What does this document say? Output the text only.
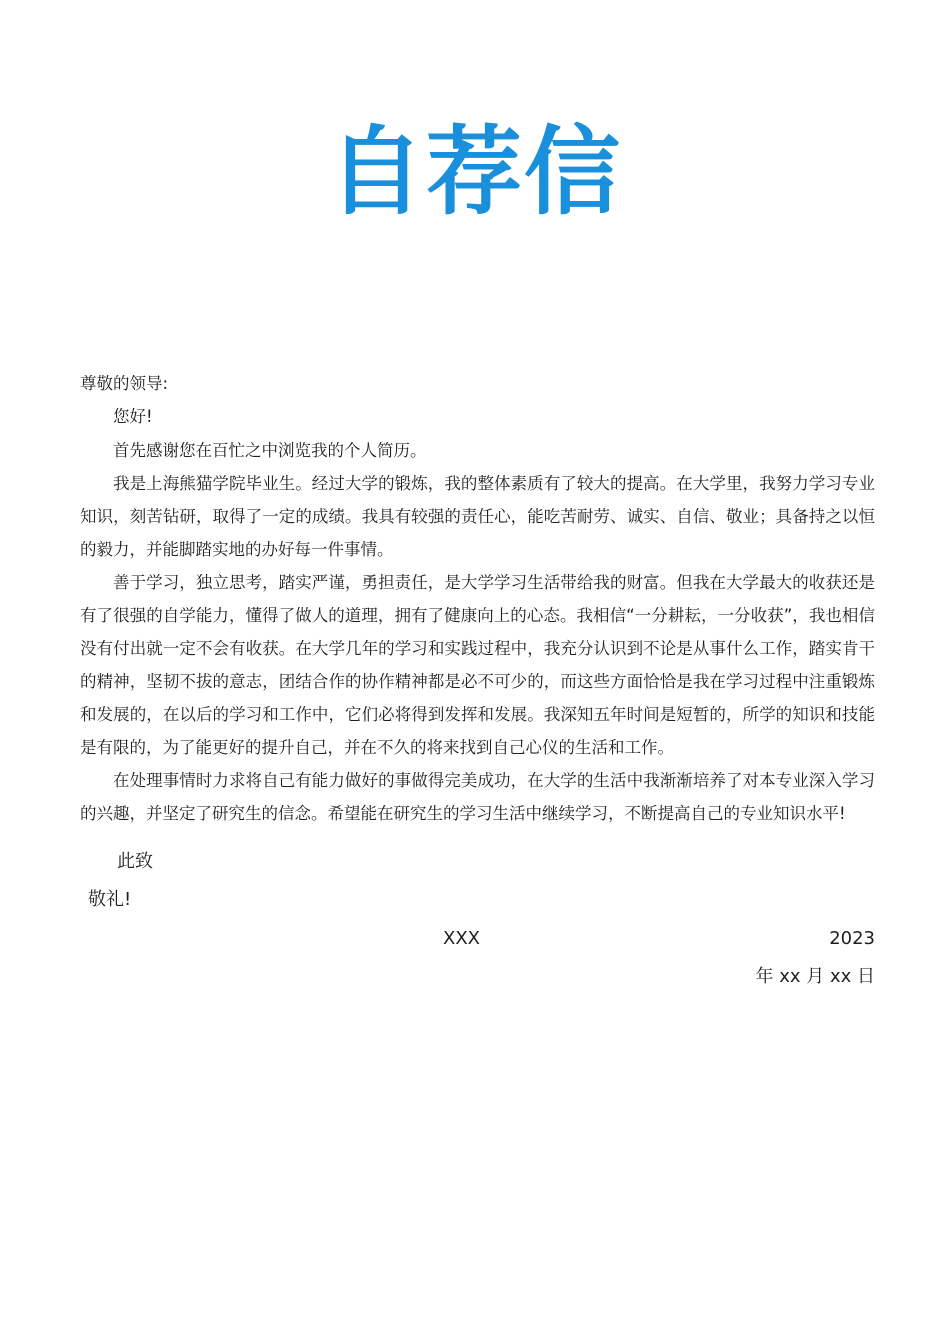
自荐信
尊敬的领导:

您好!

首先感谢您在百忙之中浏览我的个人简历。

我是上海熊猫学院毕业生。经过大学的锻炼，我的整体素质有了较大的提高。在大学里，我努力学习专业知识，刻苦钻研，取得了一定的成绩。我具有较强的责任心，能吃苦耐劳、诚实、自信、敬业；具备持之以恒的毅力，并能脚踏实地的办好每一件事情。

善于学习，独立思考，踏实严谨，勇担责任，是大学学习生活带给我的财富。但我在大学最大的收获还是有了很强的自学能力，懂得了做人的道理，拥有了健康向上的心态。我相信“一分耕耘，一分收获”，我也相信没有付出就一定不会有收获。在大学几年的学习和实践过程中，我充分认识到不论是从事什么工作，踏实肯干的精神，坚韧不拔的意志，团结合作的协作精神都是必不可少的，而这些方面恰恰是我在学习过程中注重锻炼和发展的，在以后的学习和工作中，它们必将得到发挥和发展。我深知五年时间是短暂的，所学的知识和技能是有限的，为了能更好的提升自己，并在不久的将来找到自己心仪的生活和工作。

在处理事情时力求将自己有能力做好的事做得完美成功，在大学的生活中我渐渐培养了对本专业深入学习的兴趣，并坚定了研究生的信念。希望能在研究生的学习生活中继续学习，不断提高自己的专业知识水平!

此致
敬礼!
XXX	2023
年 xx 月 xx 日
